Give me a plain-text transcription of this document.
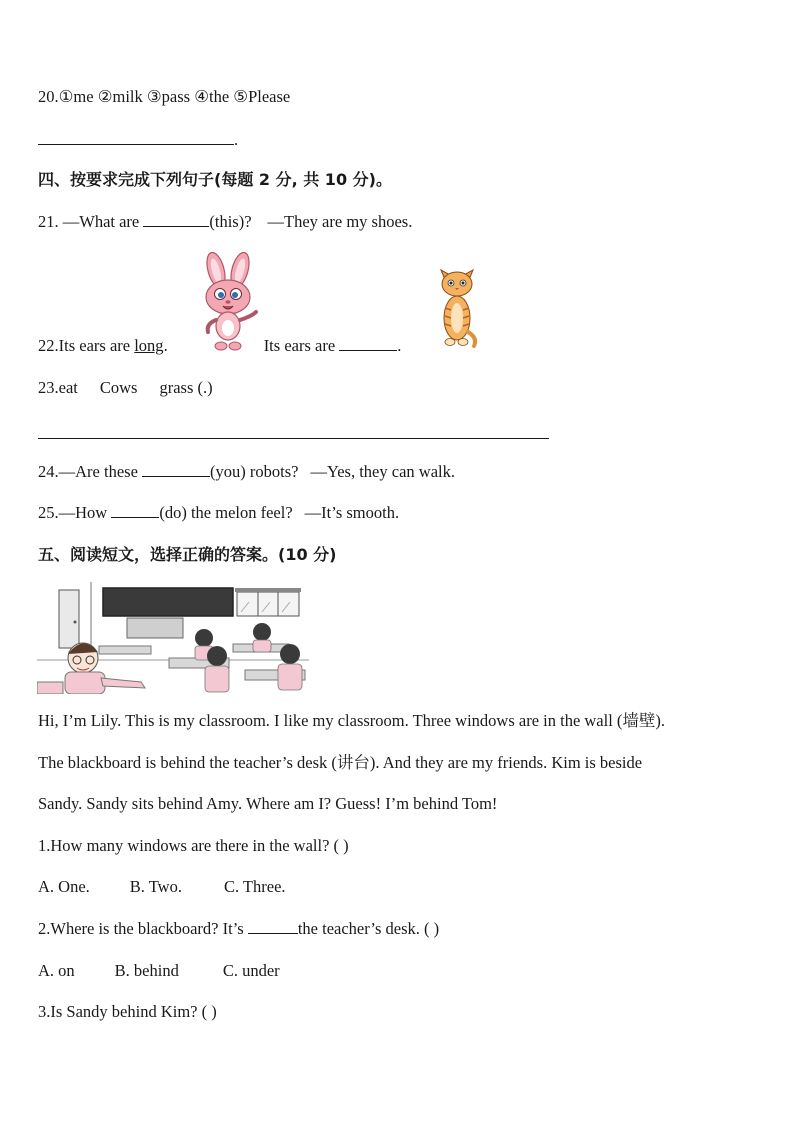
20.①me ②milk ③pass ④the ⑤Please
.
四、按要求完成下列句子(每题 2 分, 共 10 分)。
21. —What are	(this)? —They are my shoes.
22.Its ears are long.	Its ears are	.
23.eat Cows grass (.)
24.—Are these	(you) robots? —Yes, they can walk.
25.—How	(do) the melon feel? —It’s smooth.
五、阅读短文，选择正确的答案。(10 分)
Hi, I’m Lily. This is my classroom. I like my classroom. Three windows are in the wall (墙壁).
The blackboard is behind the teacher’s desk (讲台). And they are my friends. Kim is beside
Sandy. Sandy sits behind Amy. Where am I? Guess! I’m behind Tom!
1.How many windows are there in the wall? ( )
A. One. B. Two.	C. Three.
2.Where is the blackboard? It’s	the teacher’s desk. ( )
A. on B. behind	C. under
3.Is Sandy behind Kim? ( )
